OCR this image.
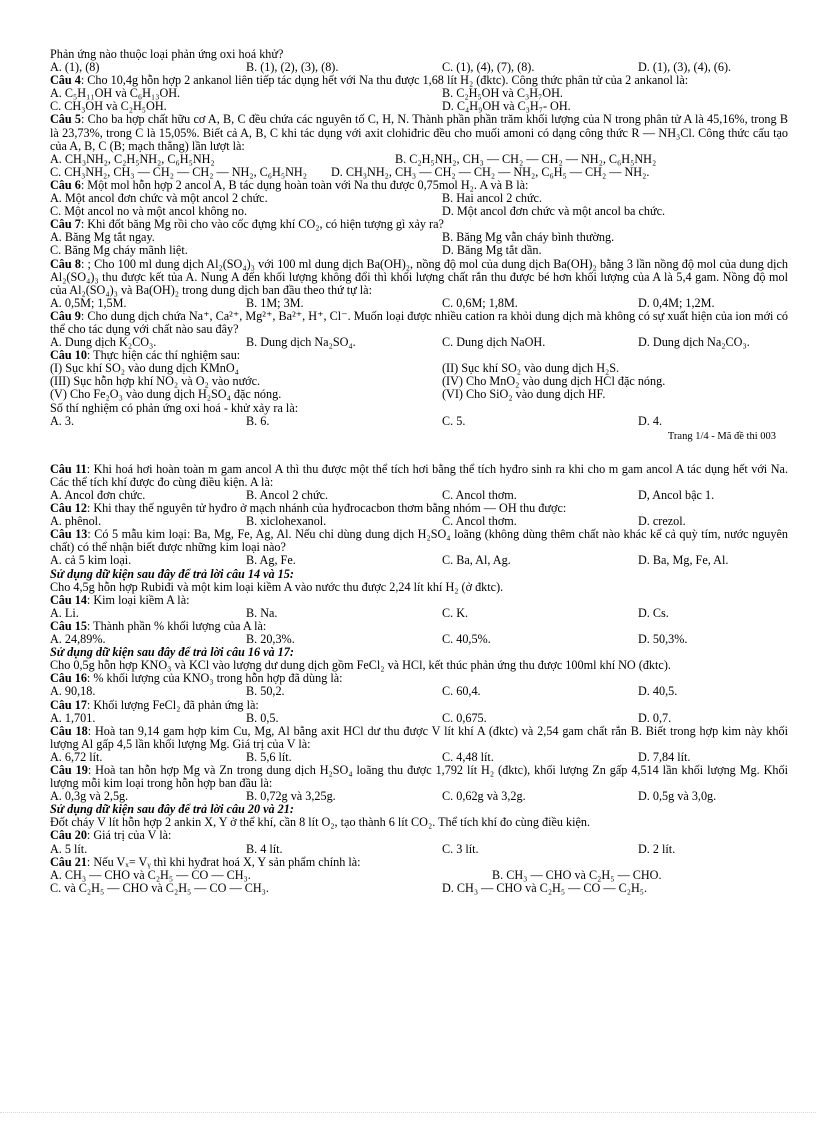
Phản ứng nào thuộc loại phản ứng oxi hoá khử?
A. (1), (8)	B. (1), (2), (3), (8).	C. (1), (4), (7), (8).	D. (1), (3), (4), (6).
Câu 4: Cho 10,4g hỗn hợp 2 ankanol liên tiếp tác dụng hết với Na thu được 1,68 lít H₂ (đktc). Công thức phân tử của 2 ankanol là:
A. C₅H₁₁OH và C₆H₁₃OH.	B. C₂H₅OH và C₃H₇OH.
C. CH₃OH và C₂H₅OH.	D. C₄H₉OH và C₃H₇- OH.
Câu 5: Cho ba hợp chất hữu cơ A, B, C đều chứa các nguyên tố C, H, N. Thành phần phần trăm khối lượng của N trong phân tử A là 45,16%, trong B là 23,73%, trong C là 15,05%. Biết cả A, B, C khi tác dụng với axit clohiđric đều cho muối amoni có dạng công thức R — NH₃Cl. Công thức cấu tạo của A, B, C (B; mạch thẳng) lần lượt là:
A. CH₃NH₂, C₂H₅NH₂, C₆H₅NH₂	B. C₂H₅NH₂, CH₃ — CH₂ — CH₂ — NH₂, C₆H₅NH₂
C. CH₃NH₂, CH₃ — CH₂ — CH₂ — NH₂, C₆H₅NH₂ D. CH₃NH₂, CH₃ — CH₂ — CH₂ — NH₂, C₆H₅ — CH₂ — NH₂.
Câu 6: Một mol hỗn hợp 2 ancol A, B tác dụng hoàn toàn với Na thu được 0,75mol H₂. A và B là:
A. Một ancol đơn chức và một ancol 2 chức.	B. Hai ancol 2 chức.
C. Một ancol no và một ancol không no.	D. Một ancol đơn chức và một ancol ba chức.
Câu 7: Khi đốt băng Mg rồi cho vào cốc đựng khí CO₂, có hiện tượng gì xảy ra?
A. Băng Mg tắt ngay.	B. Băng Mg vẫn cháy bình thường.
C. Băng Mg cháy mãnh liệt.	D. Băng Mg tắt dần.
Câu 8: ; Cho 100 ml dung dịch Al₂(SO₄)₃ với 100 ml dung dịch Ba(OH)₂, nồng độ mol của dung dịch Ba(OH)₂ bằng 3 lần nồng độ mol của dung dịch Al₂(SO₄)₃ thu được kết tủa A. Nung A đến khối lượng không đổi thì khối lượng chất rắn thu được bé hơn khối lượng của A là 5,4 gam. Nồng độ mol của Al₂(SO₄)₃ và Ba(OH)₂ trong dung dịch ban đầu theo thứ tự là:
A. 0,5M; 1,5M.	B. 1M; 3M.	C. 0,6M; 1,8M.	D. 0,4M; 1,2M.
Câu 9: Cho dung dịch chứa Na⁺, Ca²⁺, Mg²⁺, Ba²⁺, H⁺, Cl⁻. Muốn loại được nhiều cation ra khỏi dung dịch mà không có sự xuất hiện của ion mới có thể cho tác dụng với chất nào sau đây?
A. Dung dịch K₂CO₃.	B. Dung dịch Na₂SO₄.	C. Dung dịch NaOH.	D. Dung dịch Na₂CO₃.
Câu 10: Thực hiện các thí nghiệm sau:
(I) Sục khí SO₂ vào dung dịch KMnO₄	(II) Sục khí SO₂ vào dung dịch H₂S.
(III) Sục hỗn hợp khí NO₂ và O₂ vào nước.	(IV) Cho MnO₂ vào dung dịch HCl đặc nóng.
(V) Cho Fe₂O₃ vào dung dịch H₂SO₄ đặc nóng.	(VI) Cho SiO₂ vào dung dịch HF.
Số thí nghiệm có phản ứng oxi hoá - khử xảy ra là:
A. 3.	B. 6.	C. 5.	D. 4.
Trang 1/4 - Mã đề thi 003
Câu 11: Khi hoá hơi hoàn toàn m gam ancol A thì thu được một thể tích hơi bằng thể tích hyđro sinh ra khi cho m gam ancol A tác dụng hết với Na. Các thể tích khí được đo cùng điều kiện. A là:
A. Ancol đơn chức.	B. Ancol 2 chức.	C. Ancol thơm.	D, Ancol bậc 1.
Câu 12: Khi thay thế nguyên tử hyđro ở mạch nhánh của hyđrocacbon thơm bằng nhóm — OH thu được:
A. phênol.	B. xiclohexanol.	C. Ancol thơm.	D. crezol.
Câu 13: Có 5 mẫu kim loại: Ba, Mg, Fe, Ag, Al. Nếu chỉ dùng dung dịch H₂SO₄ loãng (không dùng thêm chất nào khác kể cả quỳ tím, nước nguyên chất) có thể nhận biết được những kim loại nào?
A. cả 5 kim loại.	B. Ag, Fe.	C. Ba, Al, Ag.	D. Ba, Mg, Fe, Al.
Sử dụng dữ kiện sau đây để trả lời câu 14 và 15:
Cho 4,5g hỗn hợp Rubiđi và một kim loại kiềm A vào nước thu được 2,24 lít khí H₂ (ở đktc).
Câu 14: Kim loại kiềm A là:
A. Li.	B. Na.	C. K.	D. Cs.
Câu 15: Thành phần % khối lượng của A là:
A. 24,89%.	B. 20,3%.	C. 40,5%.	D. 50,3%.
Sử dụng dữ kiện sau đây để trả lời câu 16 và 17:
Cho 0,5g hỗn hợp KNO₃ và KCl vào lượng dư dung dịch gồm FeCl₂ và HCl, kết thúc phản ứng thu được 100ml khí NO (đktc).
Câu 16: % khối lượng của KNO₃ trong hỗn hợp đã dùng là:
A. 90,18.	B. 50,2.	C. 60,4.	D. 40,5.
Câu 17: Khối lượng FeCl₂ đã phản ứng là:
A. 1,701.	B. 0,5.	C. 0,675.	D. 0,7.
Câu 18: Hoà tan 9,14 gam hợp kim Cu, Mg, Al bằng axit HCl dư thu được V lít khí A (đktc) và 2,54 gam chất rắn B. Biết trong hợp kim này khối lượng Al gấp 4,5 lần khối lượng Mg. Giá trị của V là:
A. 6,72 lít.	B. 5,6 lít.	C. 4,48 lít.	D. 7,84 lít.
Câu 19: Hoà tan hỗn hợp Mg và Zn trong dung dịch H₂SO₄ loãng thu được 1,792 lít H₂ (đktc), khối lượng Zn gấp 4,514 lần khối lượng Mg. Khối lượng mỗi kim loại trong hỗn hợp ban đầu là:
A. 0,3g và 2,5g.	B. 0,72g và 3,25g.	C. 0,62g và 3,2g.	D. 0,5g và 3,0g.
Sử dụng dữ kiện sau đây để trả lời câu 20 và 21:
Đốt cháy V lít hỗn hợp 2 ankin X, Y ở thể khí, cần 8 lít O₂, tạo thành 6 lít CO₂. Thể tích khí đo cùng điều kiện.
Câu 20: Giá trị của V là:
A. 5 lít.	B. 4 lít.	C. 3 lít.	D. 2 lít.
Câu 21: Nếu Vₓ= Vᵧ thì khi hyđrat hoá X, Y sản phẩm chính là:
A. CH₃ — CHO và C₂H₅ — CO — CH₃.	B. CH₃ — CHO và C₂H₅ — CHO.
C. và C₂H₅ — CHO và C₂H₅ — CO — CH₃.	D. CH₃ — CHO và C₂H₅ — CO — C₂H₅.
